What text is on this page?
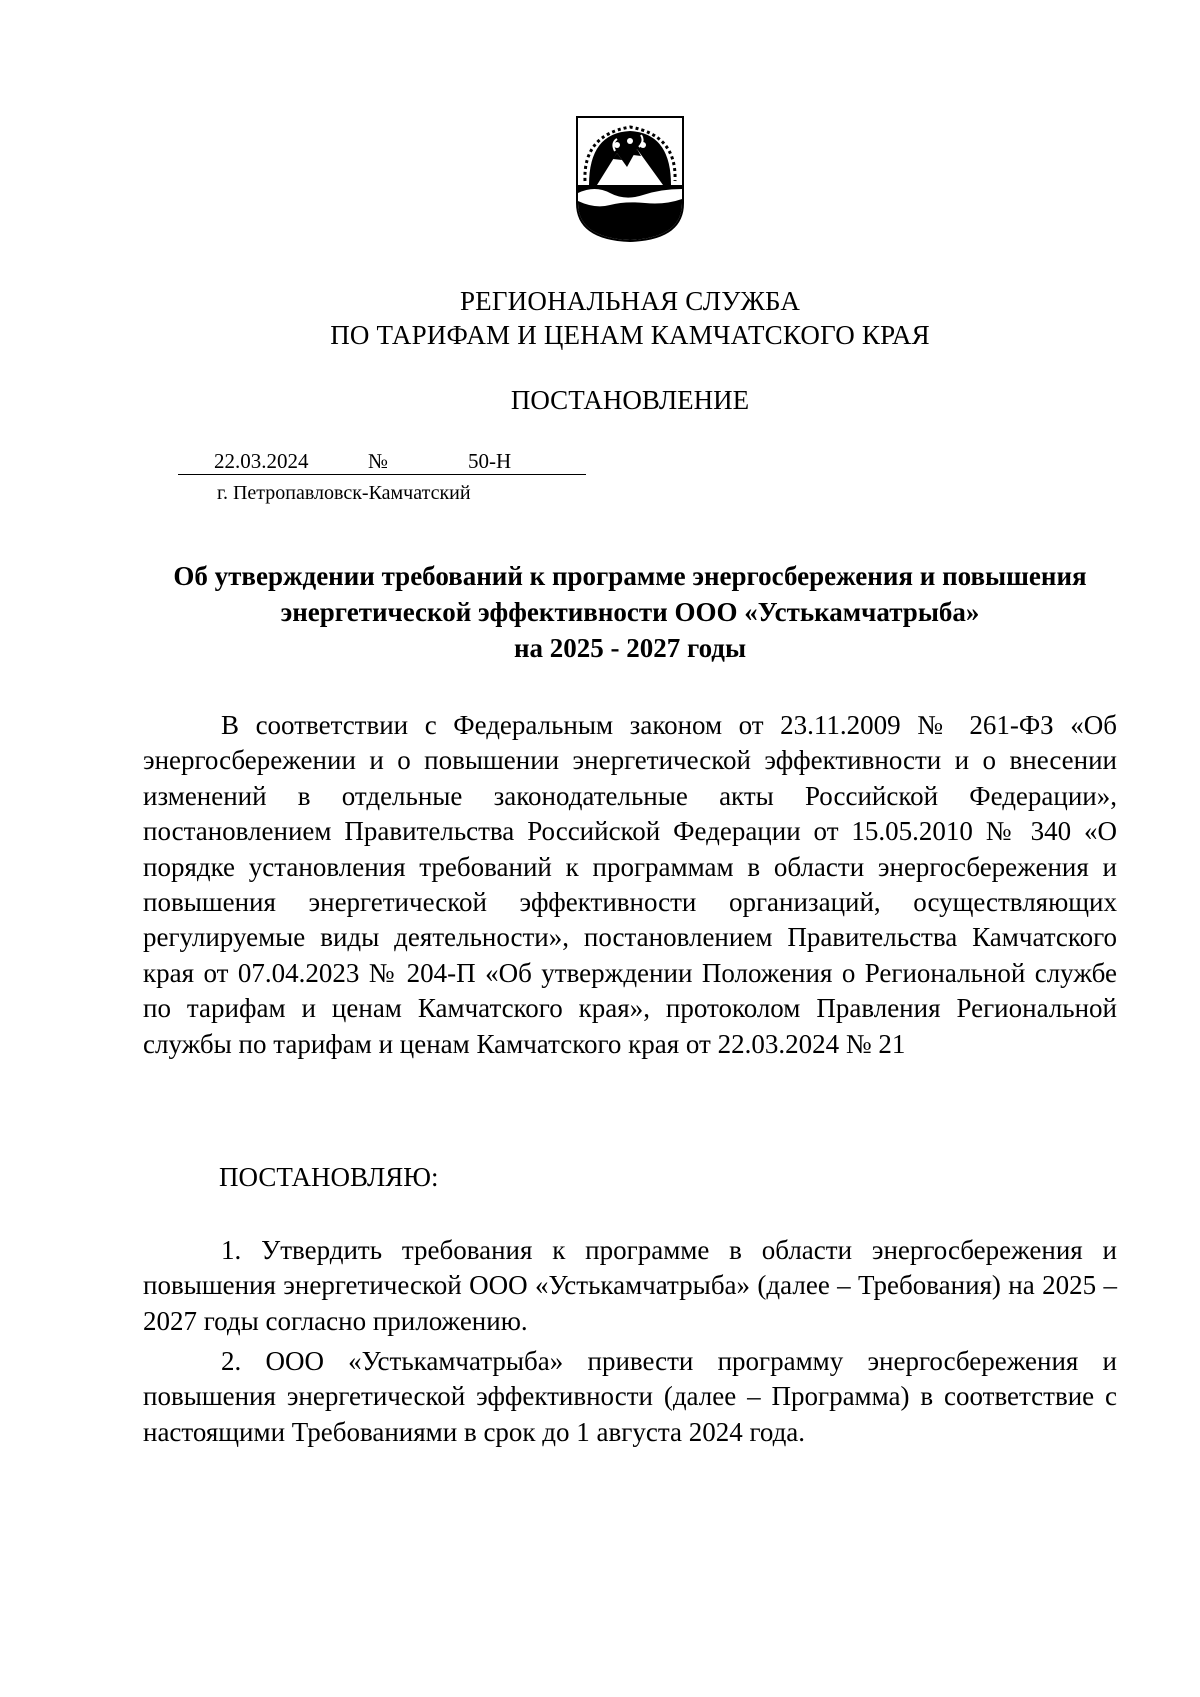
РЕГИОНАЛЬНАЯ СЛУЖБА
ПО ТАРИФАМ И ЦЕНАМ КАМЧАТСКОГО КРАЯ
ПОСТАНОВЛЕНИЕ
22.03.2024	№	50-Н
г. Петропавловск-Камчатский
Об утверждении требований к программе энергосбережения и повышения
энергетической эффективности ООО «Устькамчатрыба»
на 2025 - 2027 годы
В соответствии с Федеральным законом от 23.11.2009 № 261-ФЗ «Об энергосбережении и о повышении энергетической эффективности и о внесении изменений в отдельные законодательные акты Российской Федерации», постановлением Правительства Российской Федерации от 15.05.2010 № 340 «О порядке установления требований к программам в области энергосбережения и повышения энергетической эффективности организаций, осуществляющих регулируемые виды деятельности», постановлением Правительства Камчатского края от 07.04.2023 № 204-П «Об утверждении Положения о Региональной службе по тарифам и ценам Камчатского края», протоколом Правления Региональной службы по тарифам и ценам Камчатского края от 22.03.2024 № 21
ПОСТАНОВЛЯЮ:
1. Утвердить требования к программе в области энергосбережения и повышения энергетической ООО «Устькамчатрыба» (далее – Требования) на 2025 – 2027 годы согласно приложению.
2. ООО «Устькамчатрыба» привести программу энергосбережения и повышения энергетической эффективности (далее – Программа) в соответствие с настоящими Требованиями в срок до 1 августа 2024 года.
